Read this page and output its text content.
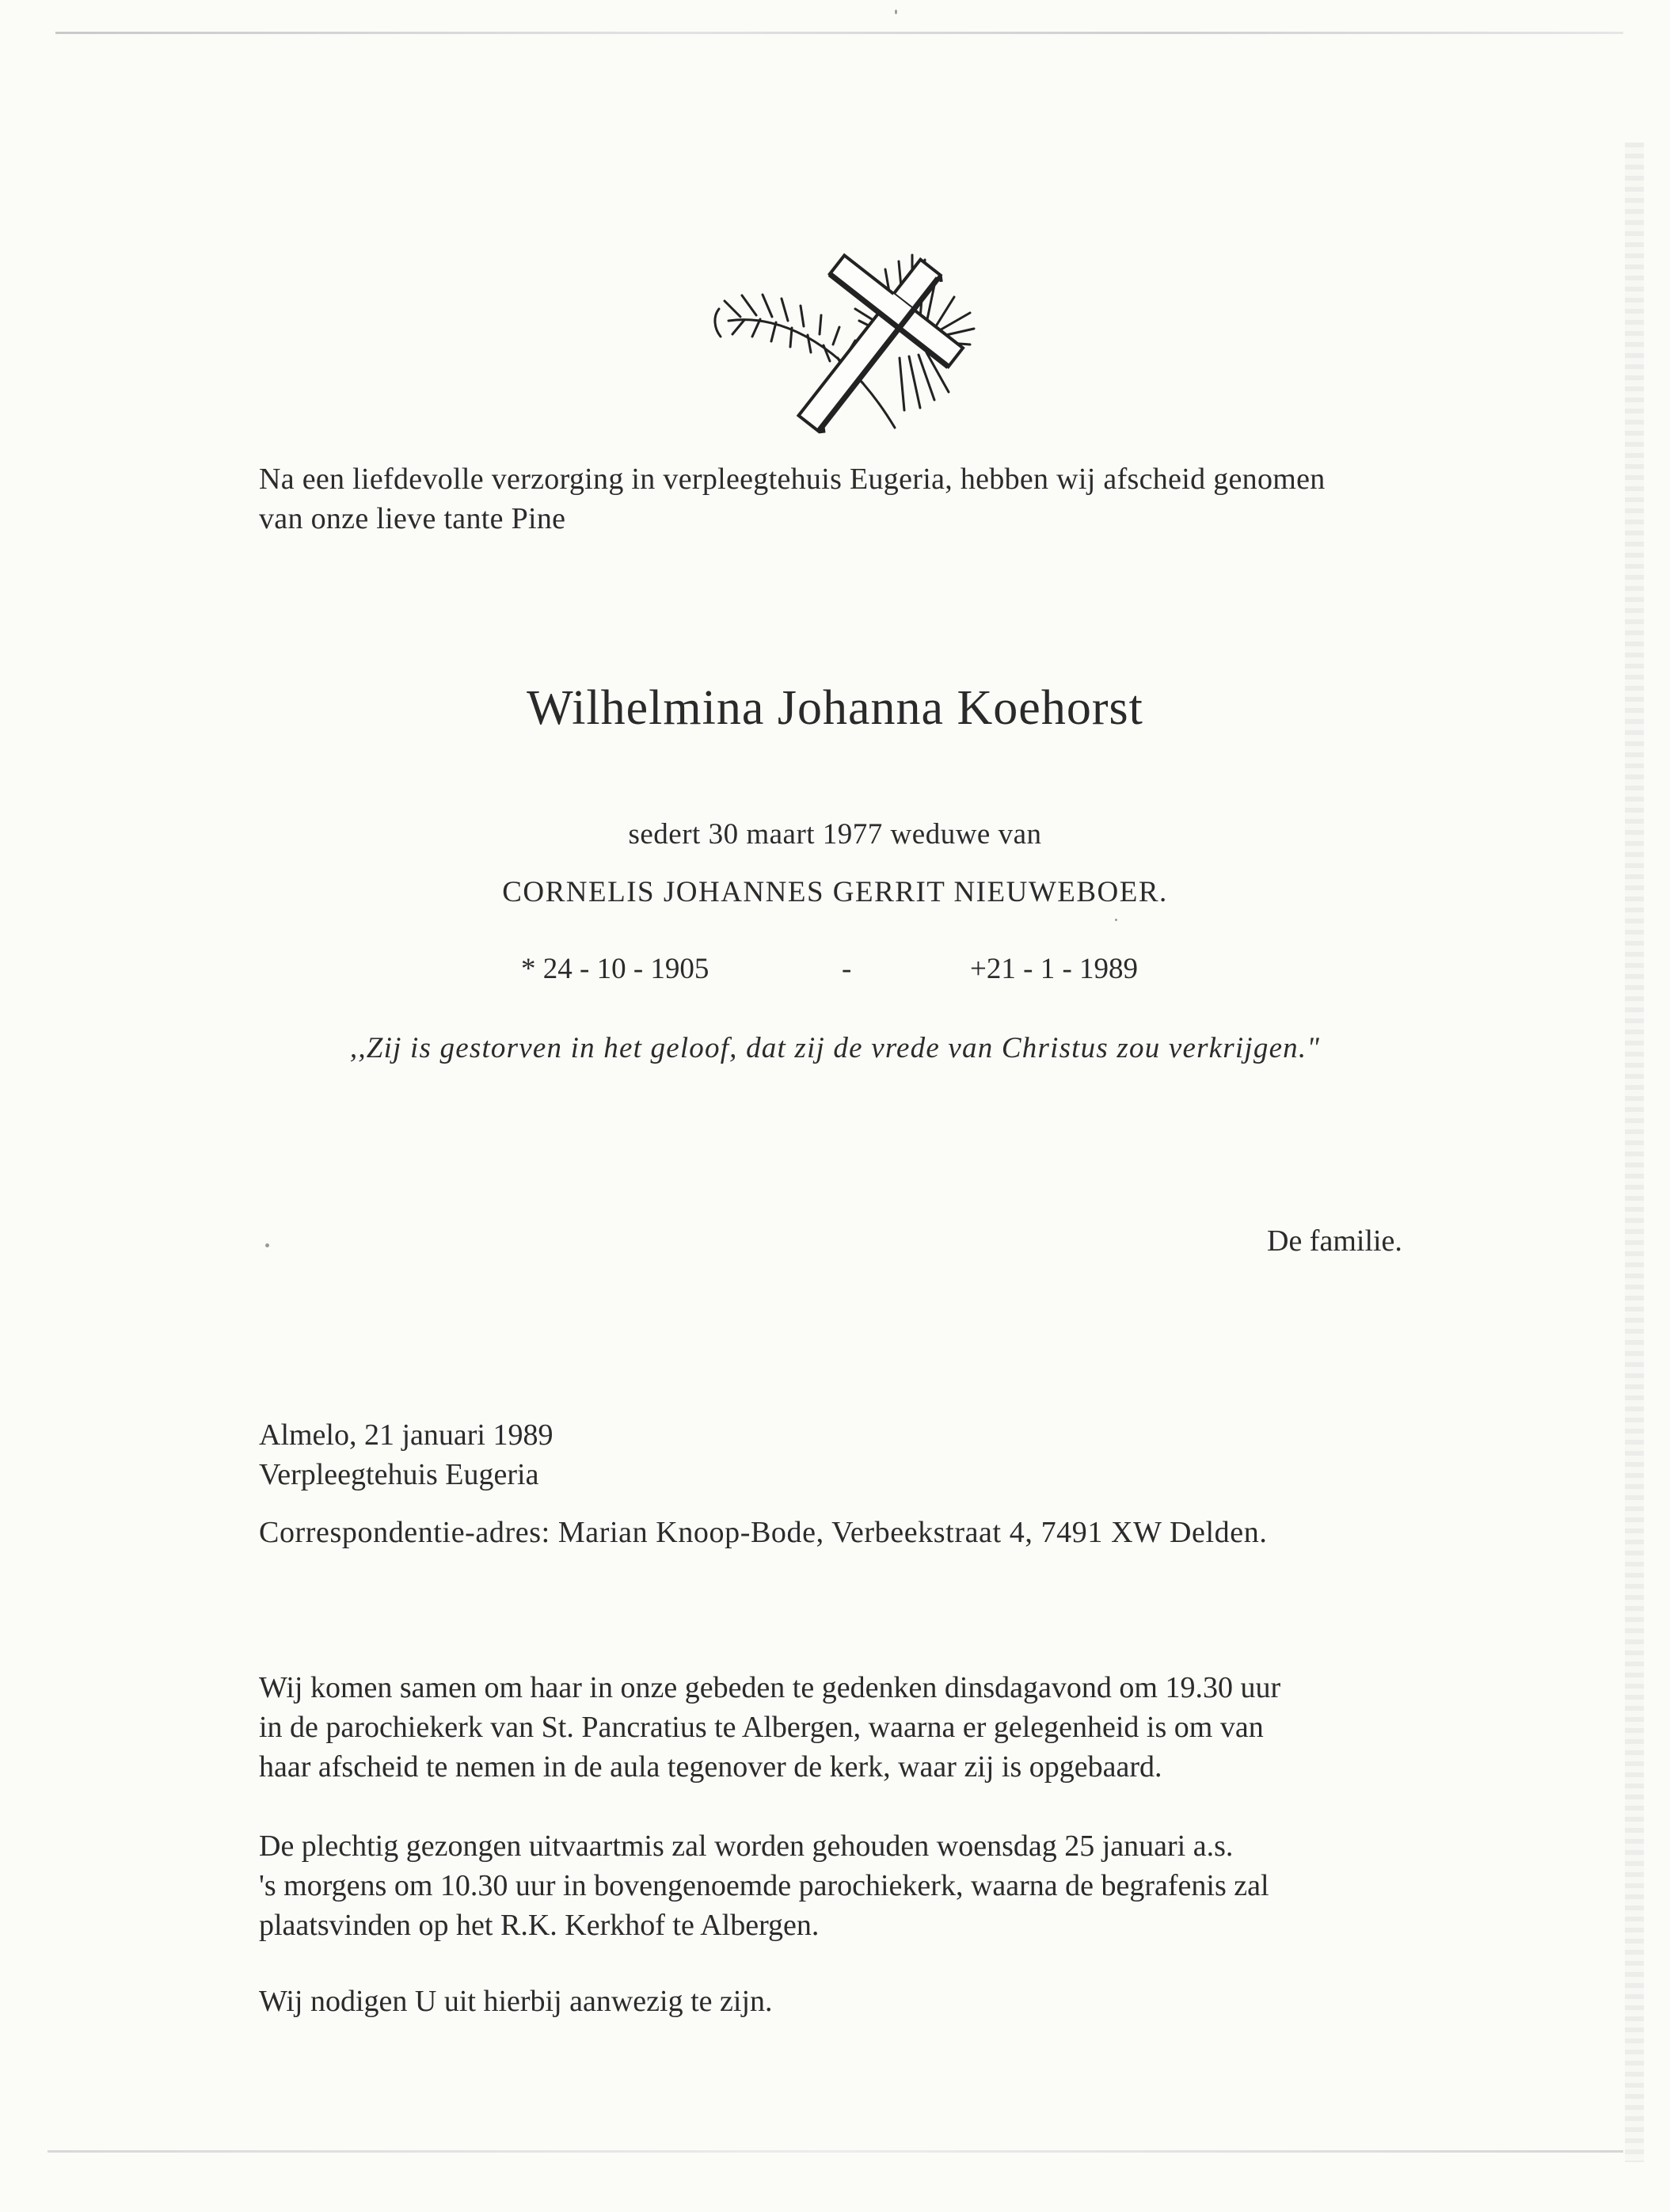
Na een liefdevolle verzorging in verpleegtehuis Eugeria, hebben wij afscheid genomen
van onze lieve tante Pine
Wilhelmina Johanna Koehorst
sedert 30 maart 1977 weduwe van
CORNELIS JOHANNES GERRIT NIEUWEBOER.
* 24 - 10 - 1905	-	+21 - 1 - 1989
,,Zij is gestorven in het geloof, dat zij de vrede van Christus zou verkrijgen."
De familie.
Almelo, 21 januari 1989
Verpleegtehuis Eugeria
Correspondentie-adres: Marian Knoop-Bode, Verbeekstraat 4, 7491 XW Delden.
Wij komen samen om haar in onze gebeden te gedenken dinsdagavond om 19.30 uur
in de parochiekerk van St. Pancratius te Albergen, waarna er gelegenheid is om van
haar afscheid te nemen in de aula tegenover de kerk, waar zij is opgebaard.
De plechtig gezongen uitvaartmis zal worden gehouden woensdag 25 januari a.s.
's morgens om 10.30 uur in bovengenoemde parochiekerk, waarna de begrafenis zal
plaatsvinden op het R.K. Kerkhof te Albergen.
Wij nodigen U uit hierbij aanwezig te zijn.
